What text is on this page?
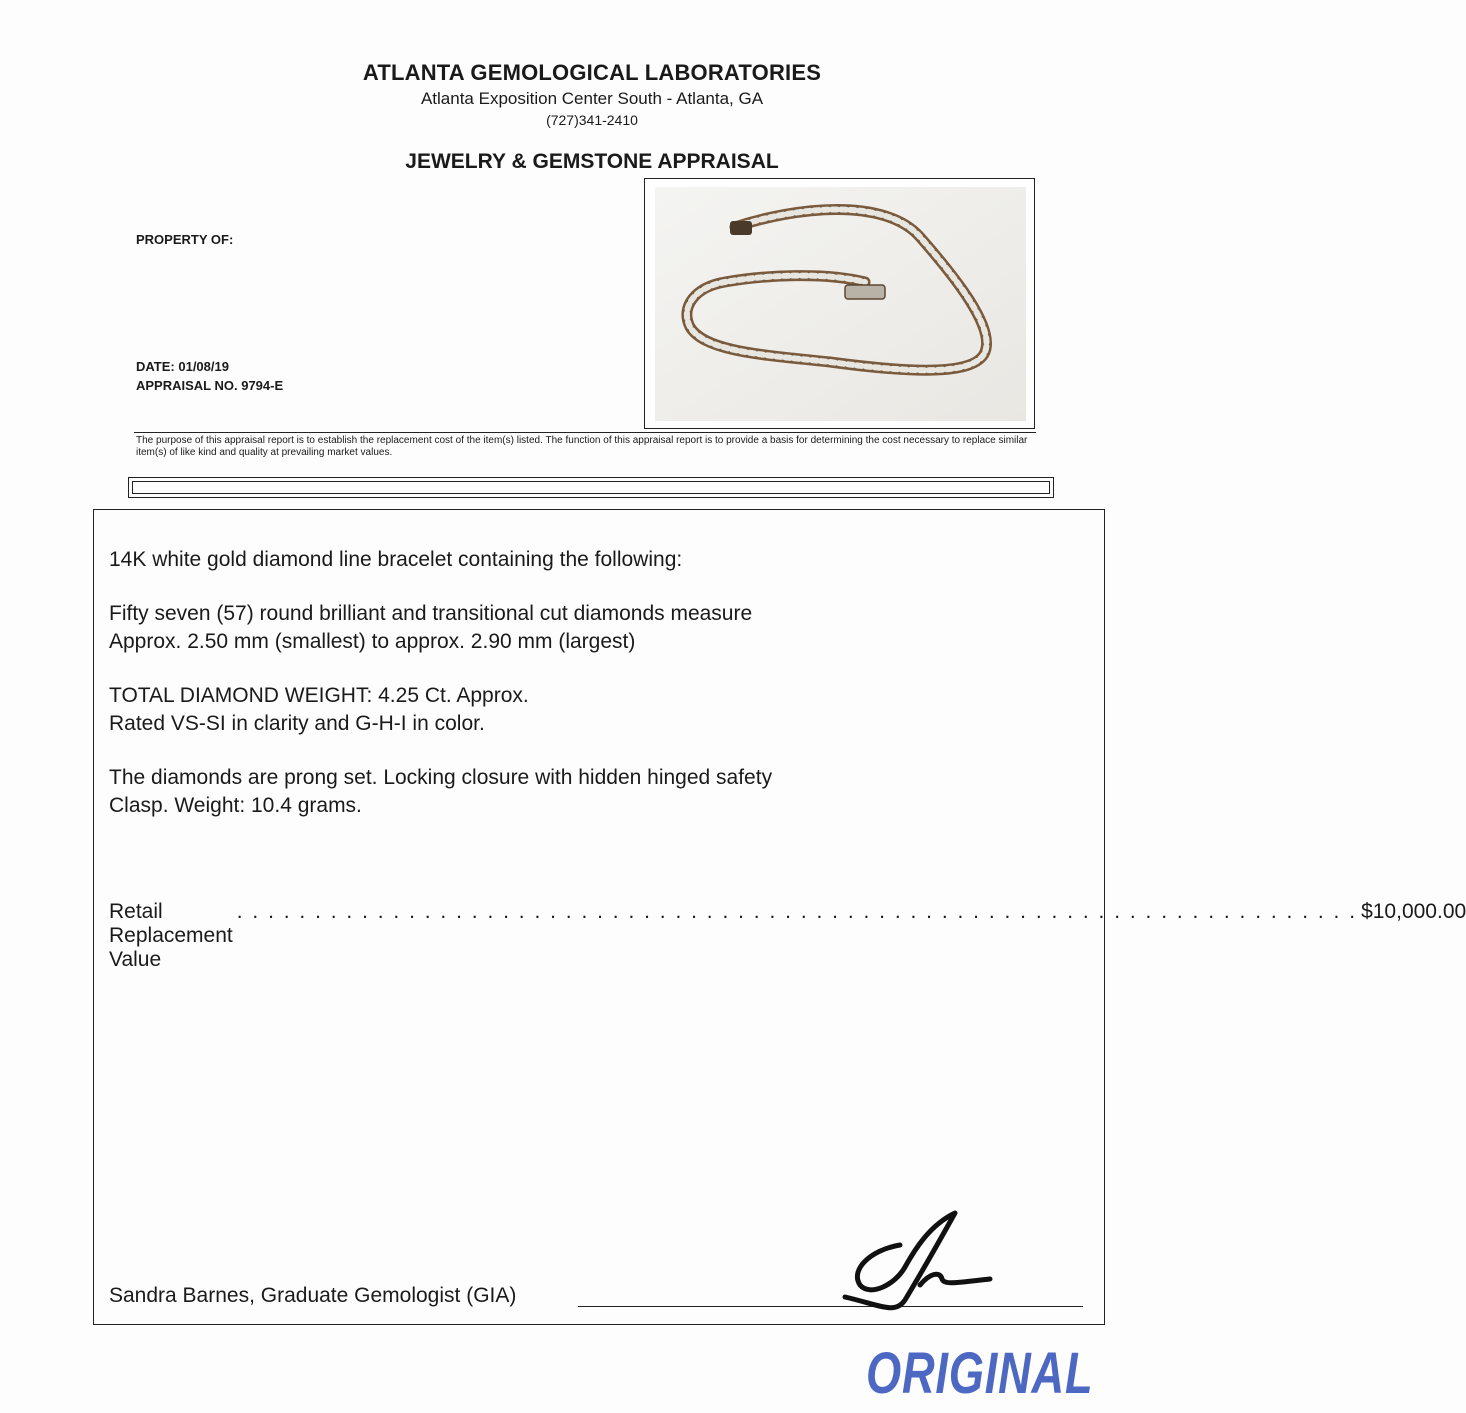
ATLANTA GEMOLOGICAL LABORATORIES
Atlanta Exposition Center South - Atlanta, GA
(727)341-2410
JEWELRY & GEMSTONE APPRAISAL
PROPERTY OF:
DATE: 01/08/19
APPRAISAL NO. 9794-E
The purpose of this appraisal report is to establish the replacement cost of the item(s) listed. The function of this appraisal report is to provide a basis for determining the cost necessary to replace similar item(s) of like kind and quality at prevailing market values.
14K white gold diamond line bracelet containing the following:
Fifty seven (57) round brilliant and transitional cut diamonds measure
Approx. 2.50 mm (smallest) to approx. 2.90 mm (largest)
TOTAL DIAMOND WEIGHT: 4.25 Ct. Approx.
Rated VS-SI in clarity and G-H-I in color.
The diamonds are prong set. Locking closure with hidden hinged safety
Clasp. Weight: 10.4 grams.
Retail Replacement Value
. . . . . . . . . . . . . . . . . . . . . . . . . . . . . . . . . . . . . . . . . . . . . . . . . . . . . . . . . . . . . . . . . . . . . . . . $10,000.00
Sandra Barnes, Graduate Gemologist (GIA)
ORIGINAL
